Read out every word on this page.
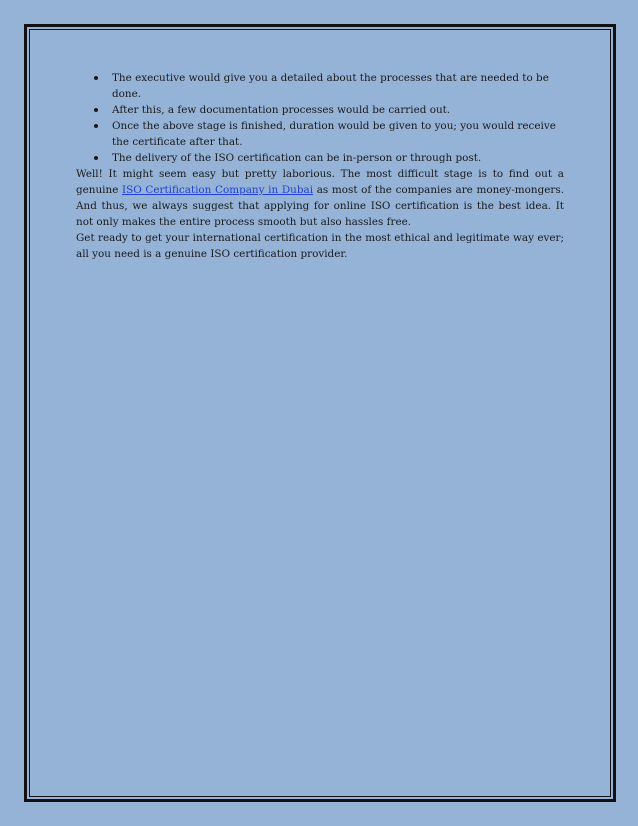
The executive would give you a detailed about the processes that are needed to be done.
After this, a few documentation processes would be carried out.
Once the above stage is finished, duration would be given to you; you would receive the certificate after that.
The delivery of the ISO certification can be in-person or through post.

Well! It might seem easy but pretty laborious. The most difficult stage is to find out a genuine ISO Certification Company in Dubai as most of the companies are money-mongers. And thus, we always suggest that applying for online ISO certification is the best idea. It not only makes the entire process smooth but also hassles free.

Get ready to get your international certification in the most ethical and legitimate way ever; all you need is a genuine ISO certification provider.
